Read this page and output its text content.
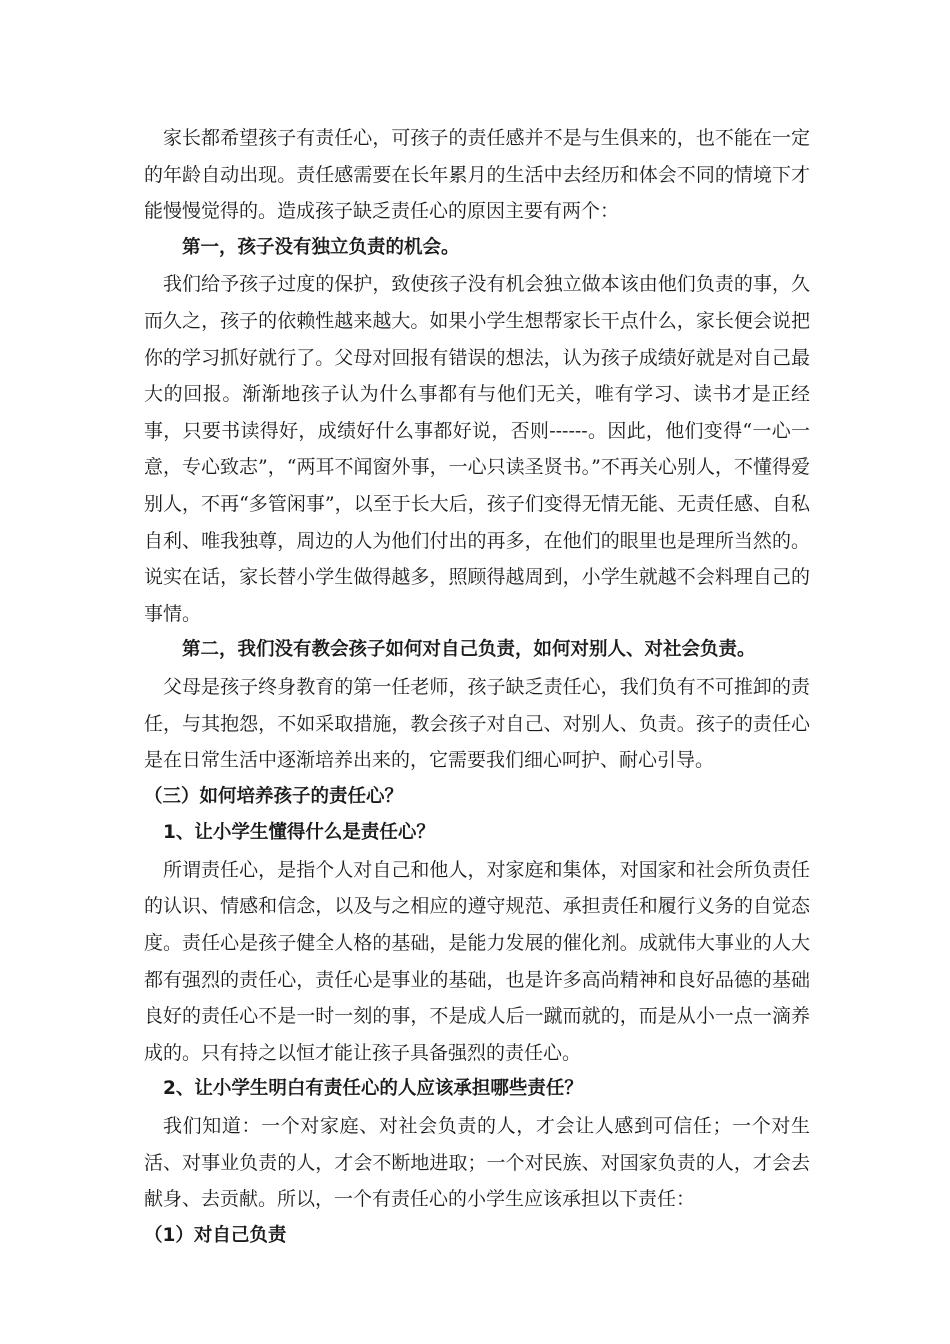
家长都希望孩子有责任心，可孩子的责任感并不是与生俱来的，也不能在一定的年龄自动出现。责任感需要在长年累月的生活中去经历和体会不同的情境下才能慢慢觉得的。造成孩子缺乏责任心的原因主要有两个：

第一，孩子没有独立负责的机会。

我们给予孩子过度的保护，致使孩子没有机会独立做本该由他们负责的事，久而久之，孩子的依赖性越来越大。如果小学生想帮家长干点什么，家长便会说把你的学习抓好就行了。父母对回报有错误的想法，认为孩子成绩好就是对自己最大的回报。渐渐地孩子认为什么事都有与他们无关，唯有学习、读书才是正经事，只要书读得好，成绩好什么事都好说，否则------。因此，他们变得“一心一意，专心致志”，“两耳不闻窗外事，一心只读圣贤书。”不再关心别人，不懂得爱别人，不再“多管闲事”，以至于长大后，孩子们变得无情无能、无责任感、自私自利、唯我独尊，周边的人为他们付出的再多，在他们的眼里也是理所当然的。说实在话，家长替小学生做得越多，照顾得越周到，小学生就越不会料理自己的事情。

第二，我们没有教会孩子如何对自己负责，如何对别人、对社会负责。

父母是孩子终身教育的第一任老师，孩子缺乏责任心，我们负有不可推卸的责任，与其抱怨，不如采取措施，教会孩子对自己、对别人、负责。孩子的责任心是在日常生活中逐渐培养出来的，它需要我们细心呵护、耐心引导。

（三）如何培养孩子的责任心？

1、让小学生懂得什么是责任心？

所谓责任心，是指个人对自己和他人，对家庭和集体，对国家和社会所负责任的认识、情感和信念，以及与之相应的遵守规范、承担责任和履行义务的自觉态度。责任心是孩子健全人格的基础，是能力发展的催化剂。成就伟大事业的人大都有强烈的责任心，责任心是事业的基础，也是许多高尚精神和良好品德的基础良好的责任心不是一时一刻的事，不是成人后一蹴而就的，而是从小一点一滴养成的。只有持之以恒才能让孩子具备强烈的责任心。

2、让小学生明白有责任心的人应该承担哪些责任？

我们知道：一个对家庭、对社会负责的人，才会让人感到可信任；一个对生活、对事业负责的人，才会不断地进取；一个对民族、对国家负责的人，才会去献身、去贡献。所以，一个有责任心的小学生应该承担以下责任：

（1）对自己负责
